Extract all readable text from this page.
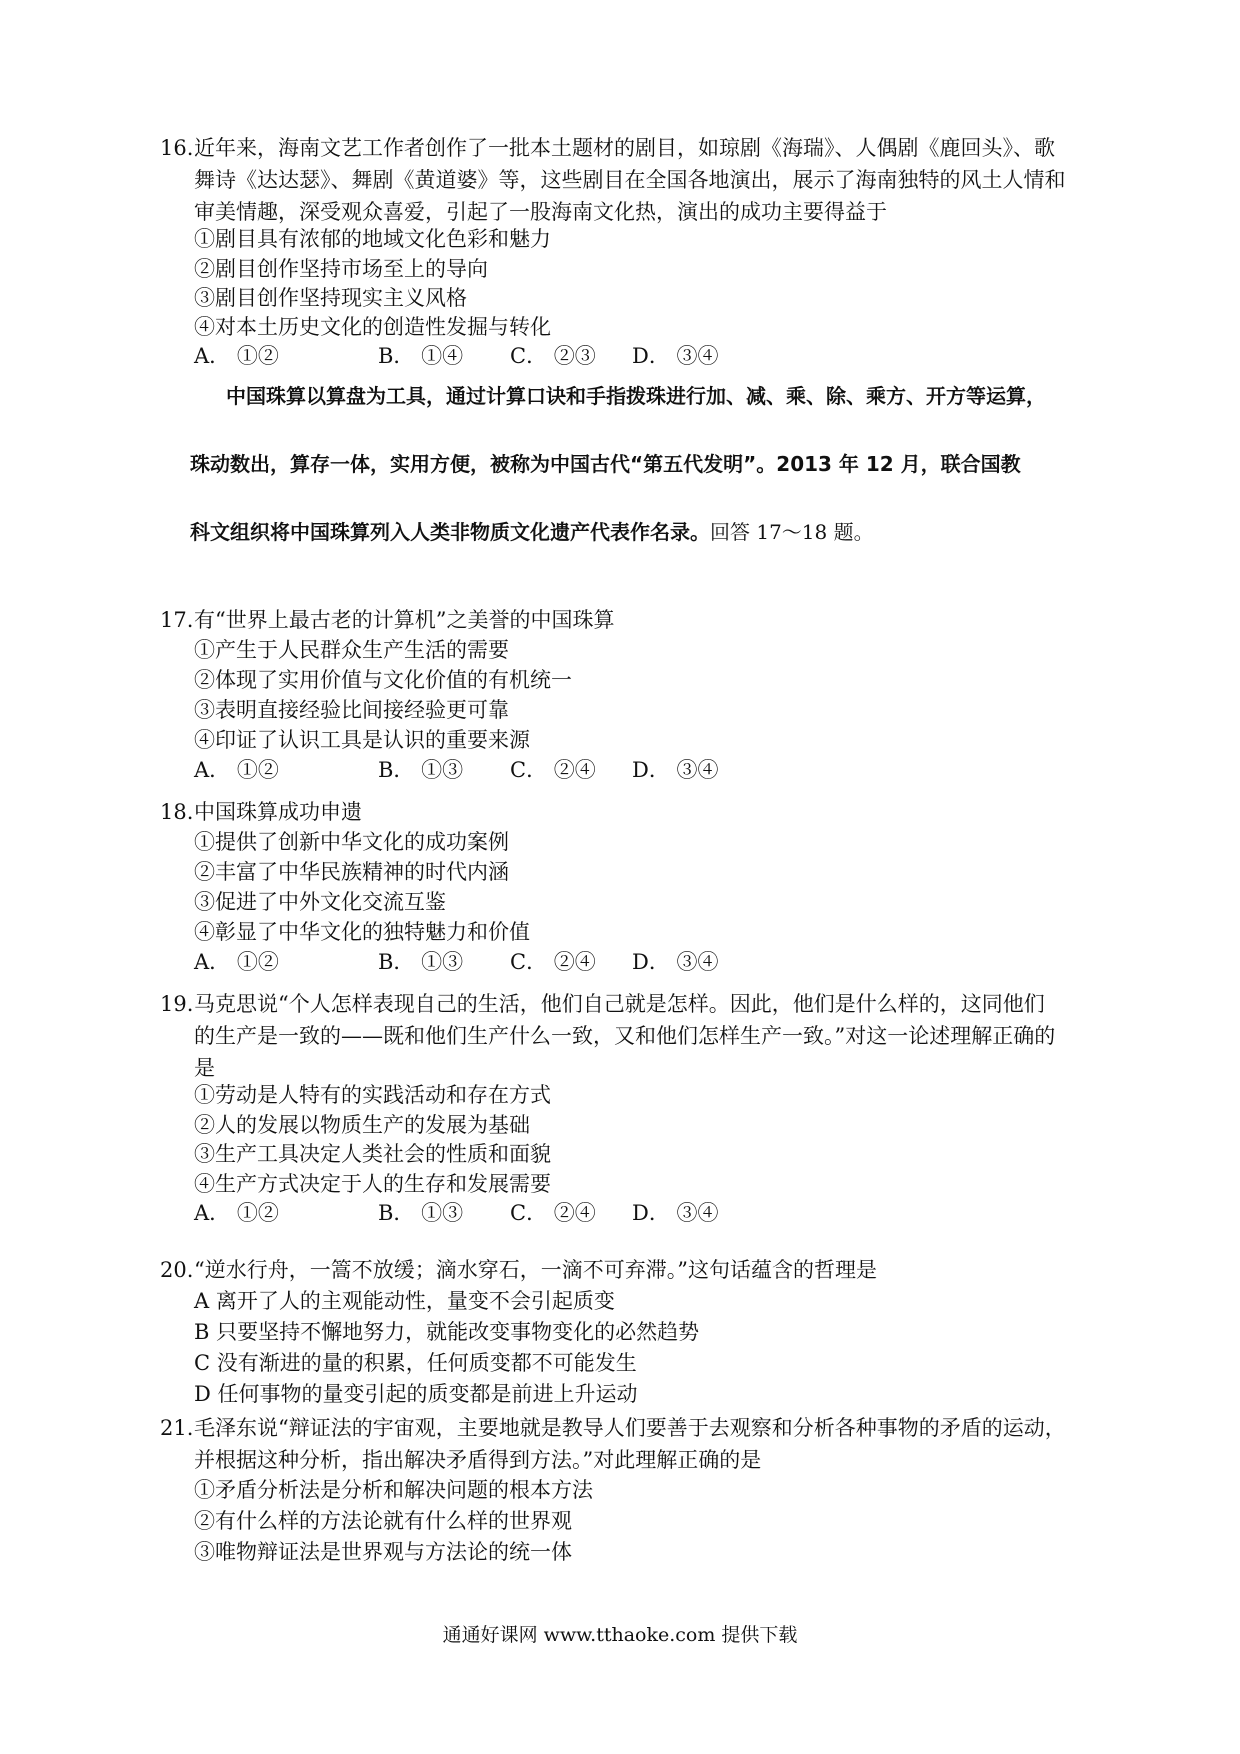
16. 近年来，海南文艺工作者创作了一批本土题材的剧目，如琼剧《海瑞》、人偶剧《鹿回头》、歌
舞诗《达达瑟》、舞剧《黄道婆》等，这些剧目在全国各地演出，展示了海南独特的风土人情和
审美情趣，深受观众喜爱，引起了一股海南文化热，演出的成功主要得益于
①剧目具有浓郁的地域文化色彩和魅力
②剧目创作坚持市场至上的导向
③剧目创作坚持现实主义风格
④对本土历史文化的创造性发掘与转化
A． ①②	B． ①④ C． ②③ D． ③④
中国珠算以算盘为工具，通过计算口诀和手指拨珠进行加、减、乘、除、乘方、开方等运算，
珠动数出，算存一体，实用方便，被称为中国古代“第五代发明”。2013 年 12 月，联合国教
科文组织将中国珠算列入人类非物质文化遗产代表作名录。回答 17～18 题。
17. 有“世界上最古老的计算机”之美誉的中国珠算
①产生于人民群众生产生活的需要
②体现了实用价值与文化价值的有机统一
③表明直接经验比间接经验更可靠
④印证了认识工具是认识的重要来源
A． ①②	B． ①③ C． ②④ D． ③④
18. 中国珠算成功申遗
①提供了创新中华文化的成功案例
②丰富了中华民族精神的时代内涵
③促进了中外文化交流互鉴
④彰显了中华文化的独特魅力和价值
A． ①②	B． ①③ C． ②④ D． ③④
19. 马克思说“个人怎样表现自己的生活，他们自己就是怎样。因此，他们是什么样的，这同他们
的生产是一致的——既和他们生产什么一致，又和他们怎样生产一致。”对这一论述理解正确的
是
①劳动是人特有的实践活动和存在方式
②人的发展以物质生产的发展为基础
③生产工具决定人类社会的性质和面貌
④生产方式决定于人的生存和发展需要
A． ①②	B． ①③ C． ②④ D． ③④
20. “逆水行舟，一篙不放缓；滴水穿石，一滴不可弃滞。”这句话蕴含的哲理是
A 离开了人的主观能动性，量变不会引起质变
B 只要坚持不懈地努力，就能改变事物变化的必然趋势
C 没有渐进的量的积累，任何质变都不可能发生
D 任何事物的量变引起的质变都是前进上升运动
21. 毛泽东说“辩证法的宇宙观，主要地就是教导人们要善于去观察和分析各种事物的矛盾的运动，
并根据这种分析，指出解决矛盾得到方法。”对此理解正确的是
①矛盾分析法是分析和解决问题的根本方法
②有什么样的方法论就有什么样的世界观
③唯物辩证法是世界观与方法论的统一体
通通好课网 www.tthaoke.com 提供下载
